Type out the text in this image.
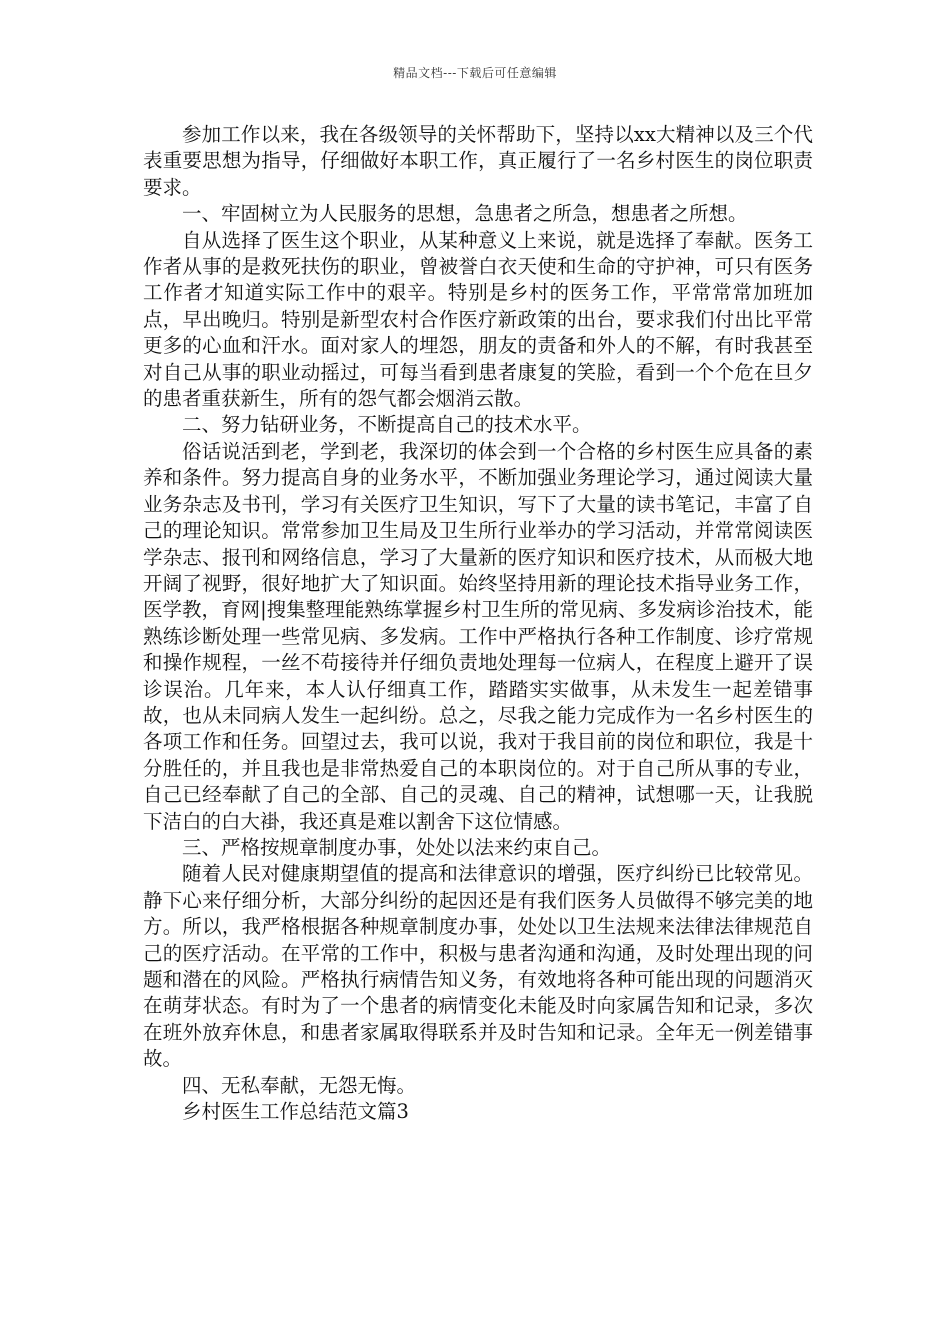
精品文档---下载后可任意编辑

参加工作以来，我在各级领导的关怀帮助下，坚持以xx大精神以及三个代表重要思想为指导，仔细做好本职工作，真正履行了一名乡村医生的岗位职责要求。

一、牢固树立为人民服务的思想，急患者之所急，想患者之所想。

自从选择了医生这个职业，从某种意义上来说，就是选择了奉献。医务工作者从事的是救死扶伤的职业，曾被誉白衣天使和生命的守护神，可只有医务工作者才知道实际工作中的艰辛。特别是乡村的医务工作，平常常常加班加点，早出晚归。特别是新型农村合作医疗新政策的出台，要求我们付出比平常更多的心血和汗水。面对家人的埋怨，朋友的责备和外人的不解，有时我甚至对自己从事的职业动摇过，可每当看到患者康复的笑脸，看到一个个危在旦夕的患者重获新生，所有的怨气都会烟消云散。

二、努力钻研业务，不断提高自己的技术水平。

俗话说活到老，学到老，我深切的体会到一个合格的乡村医生应具备的素养和条件。努力提高自身的业务水平，不断加强业务理论学习，通过阅读大量业务杂志及书刊，学习有关医疗卫生知识，写下了大量的读书笔记，丰富了自己的理论知识。常常参加卫生局及卫生所行业举办的学习活动，并常常阅读医学杂志、报刊和网络信息，学习了大量新的医疗知识和医疗技术，从而极大地开阔了视野，很好地扩大了知识面。始终坚持用新的理论技术指导业务工作，医学教，育网|搜集整理能熟练掌握乡村卫生所的常见病、多发病诊治技术，能熟练诊断处理一些常见病、多发病。工作中严格执行各种工作制度、诊疗常规和操作规程，一丝不苟接待并仔细负责地处理每一位病人，在程度上避开了误诊误治。几年来，本人认仔细真工作，踏踏实实做事，从未发生一起差错事故，也从未同病人发生一起纠纷。总之，尽我之能力完成作为一名乡村医生的各项工作和任务。回望过去，我可以说，我对于我目前的岗位和职位，我是十分胜任的，并且我也是非常热爱自己的本职岗位的。对于自己所从事的专业，自己已经奉献了自己的全部、自己的灵魂、自己的精神，试想哪一天，让我脱下洁白的白大褂，我还真是难以割舍下这位情感。

三、严格按规章制度办事，处处以法来约束自己。

随着人民对健康期望值的提高和法律意识的增强，医疗纠纷已比较常见。静下心来仔细分析，大部分纠纷的起因还是有我们医务人员做得不够完美的地方。所以，我严格根据各种规章制度办事，处处以卫生法规来法律法律规范自己的医疗活动。在平常的工作中，积极与患者沟通和沟通，及时处理出现的问题和潜在的风险。严格执行病情告知义务，有效地将各种可能出现的问题消灭在萌芽状态。有时为了一个患者的病情变化未能及时向家属告知和记录，多次在班外放弃休息，和患者家属取得联系并及时告知和记录。全年无一例差错事故。

四、无私奉献，无怨无悔。

乡村医生工作总结范文篇3
